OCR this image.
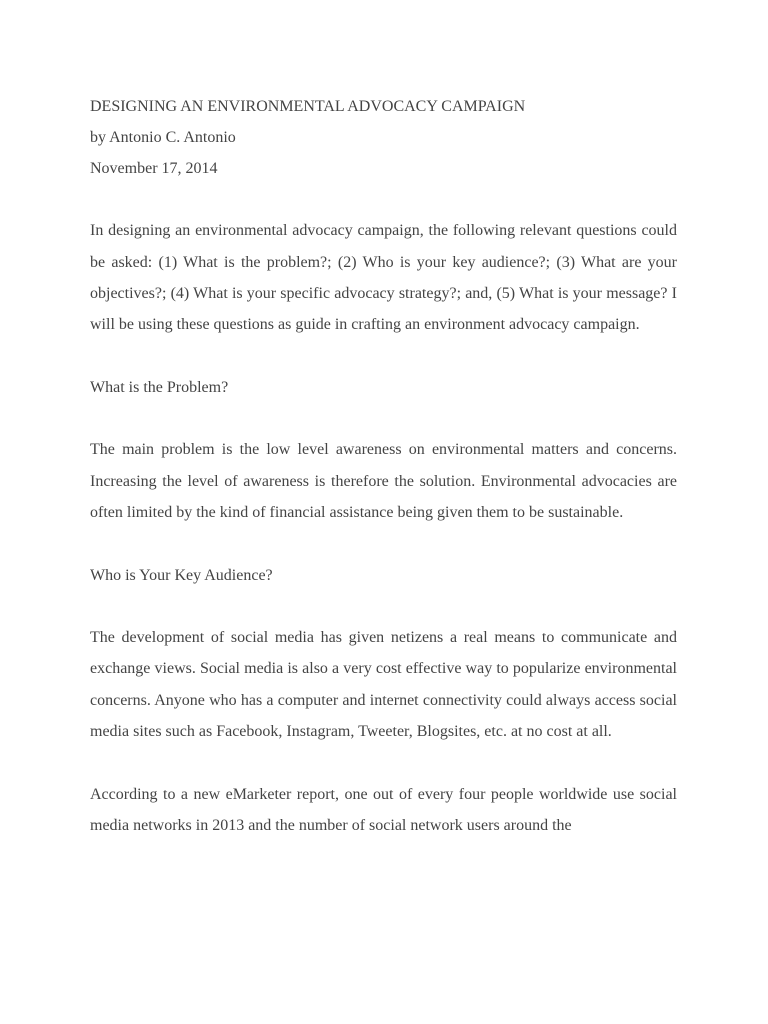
DESIGNING AN ENVIRONMENTAL ADVOCACY CAMPAIGN

by Antonio C. Antonio

November 17, 2014

In designing an environmental advocacy campaign, the following relevant questions could be asked: (1) What is the problem?; (2) Who is your key audience?; (3) What are your objectives?; (4) What is your specific advocacy strategy?; and, (5) What is your message? I will be using these questions as guide in crafting an environment advocacy campaign.

What is the Problem?

The main problem is the low level awareness on environmental matters and concerns. Increasing the level of awareness is therefore the solution. Environmental advocacies are often limited by the kind of financial assistance being given them to be sustainable.

Who is Your Key Audience?

The development of social media has given netizens a real means to communicate and exchange views. Social media is also a very cost effective way to popularize environmental concerns. Anyone who has a computer and internet connectivity could always access social media sites such as Facebook, Instagram, Tweeter, Blogsites, etc. at no cost at all.

According to a new eMarketer report, one out of every four people worldwide use social media networks in 2013 and the number of social network users around the
